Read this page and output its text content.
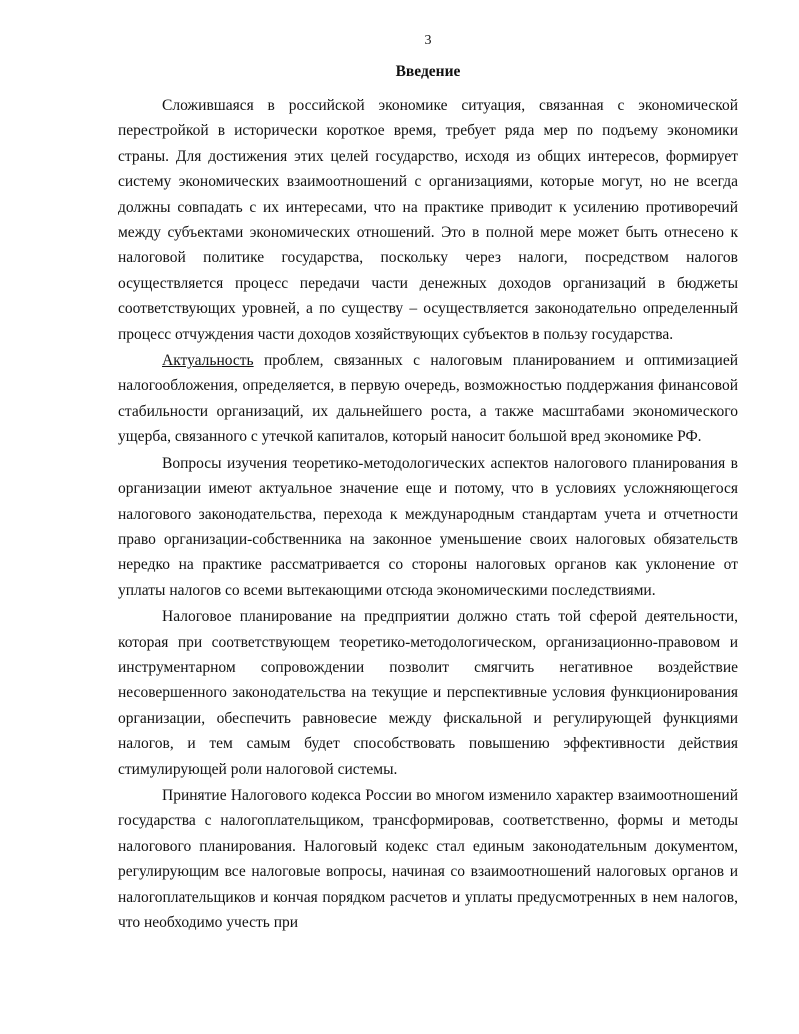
3
Введение

Сложившаяся в российской экономике ситуация, связанная с экономической перестройкой в исторически короткое время, требует ряда мер по подъему экономики страны. Для достижения этих целей государство, исходя из общих интересов, формирует систему экономических взаимоотношений с организациями, которые могут, но не всегда должны совпадать с их интересами, что на практике приводит к усилению противоречий между субъектами экономических отношений. Это в полной мере может быть отнесено к налоговой политике государства, поскольку через налоги, посредством налогов осуществляется процесс передачи части денежных доходов организаций в бюджеты соответствующих уровней, а по существу – осуществляется законодательно определенный процесс отчуждения части доходов хозяйствующих субъектов в пользу государства.

Актуальность проблем, связанных с налоговым планированием и оптимизацией налогообложения, определяется, в первую очередь, возможностью поддержания финансовой стабильности организаций, их дальнейшего роста, а также масштабами экономического ущерба, связанного с утечкой капиталов, который наносит большой вред экономике РФ.

Вопросы изучения теоретико-методологических аспектов налогового планирования в организации имеют актуальное значение еще и потому, что в условиях усложняющегося налогового законодательства, перехода к международным стандартам учета и отчетности право организации-собственника на законное уменьшение своих налоговых обязательств нередко на практике рассматривается со стороны налоговых органов как уклонение от уплаты налогов со всеми вытекающими отсюда экономическими последствиями.

Налоговое планирование на предприятии должно стать той сферой деятельности, которая при соответствующем теоретико-методологическом, организационно-правовом и инструментарном сопровождении позволит смягчить негативное воздействие несовершенного законодательства на текущие и перспективные условия функционирования организации, обеспечить равновесие между фискальной и регулирующей функциями налогов, и тем самым будет способствовать повышению эффективности действия стимулирующей роли налоговой системы.

Принятие Налогового кодекса России во многом изменило характер взаимоотношений государства с налогоплательщиком, трансформировав, соответственно, формы и методы налогового планирования. Налоговый кодекс стал единым законодательным документом, регулирующим все налоговые вопросы, начиная со взаимоотношений налоговых органов и налогоплательщиков и кончая порядком расчетов и уплаты предусмотренных в нем налогов, что необходимо учесть при
